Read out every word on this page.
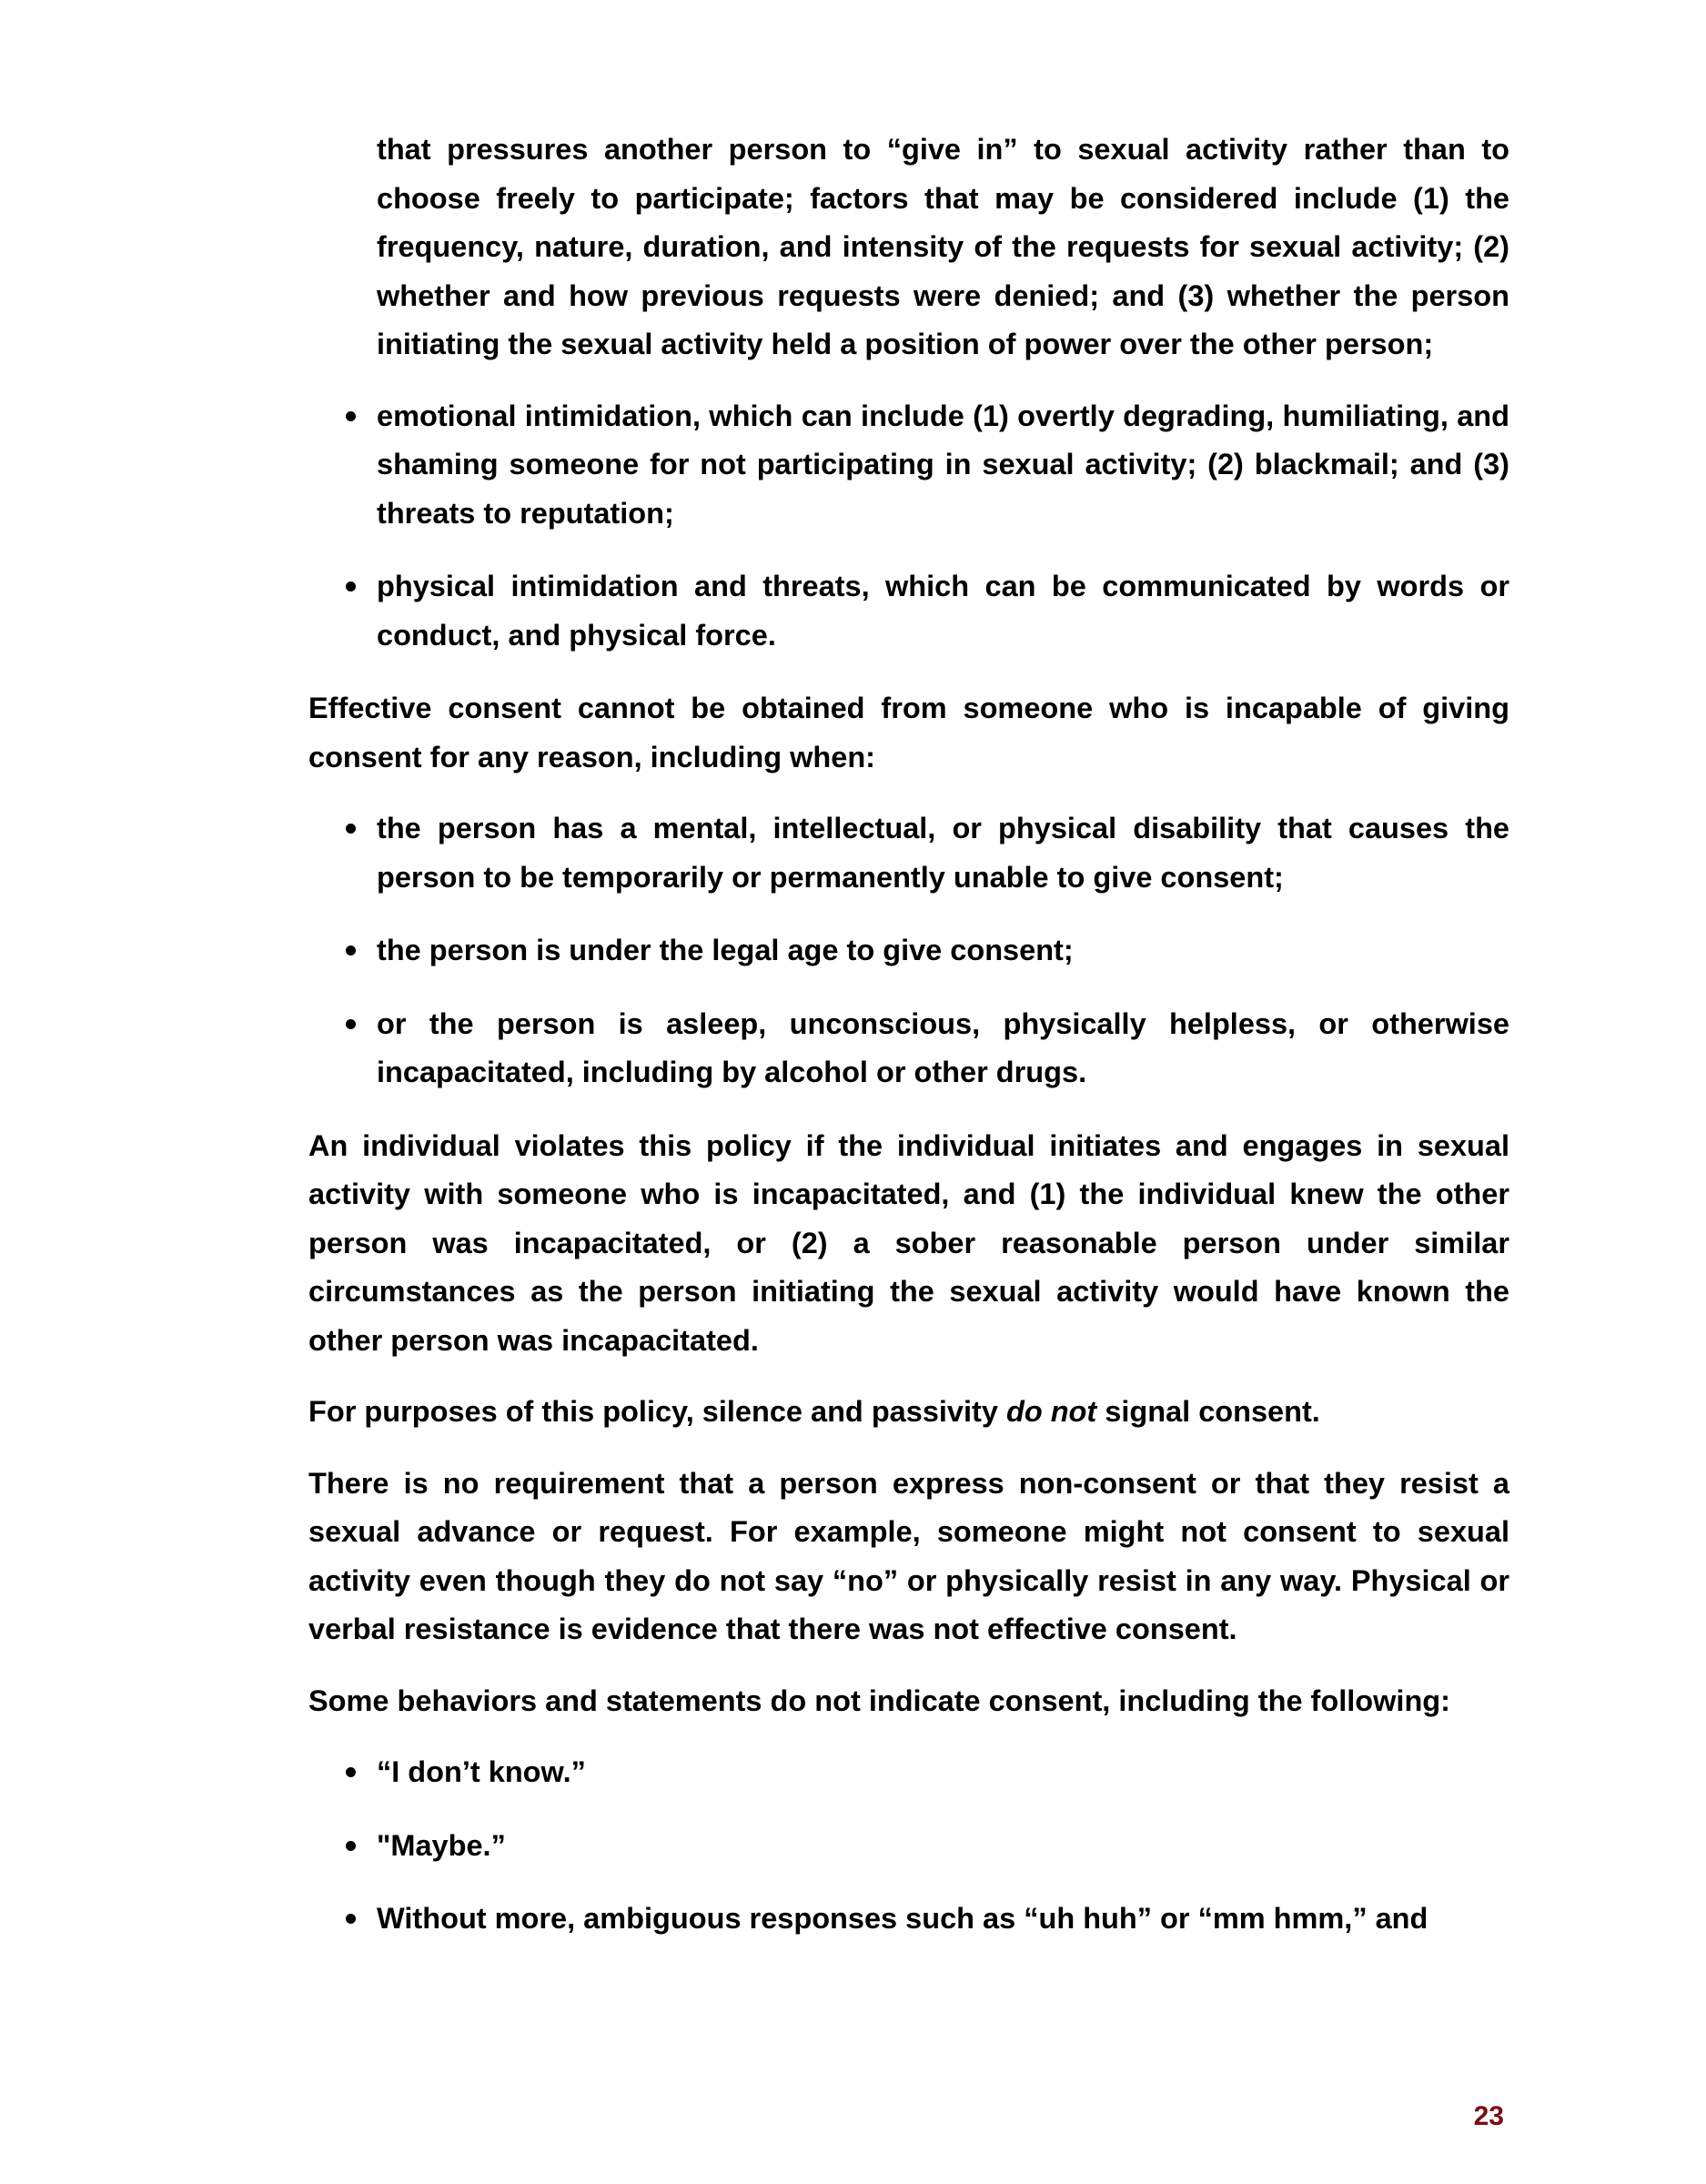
that pressures another person to “give in” to sexual activity rather than to choose freely to participate; factors that may be considered include (1) the frequency, nature, duration, and intensity of the requests for sexual activity; (2) whether and how previous requests were denied; and (3) whether the person initiating the sexual activity held a position of power over the other person;

emotional intimidation, which can include (1) overtly degrading, humiliating, and shaming someone for not participating in sexual activity; (2) blackmail; and (3) threats to reputation;
physical intimidation and threats, which can be communicated by words or conduct, and physical force.

Effective consent cannot be obtained from someone who is incapable of giving consent for any reason, including when:

the person has a mental, intellectual, or physical disability that causes the person to be temporarily or permanently unable to give consent;
the person is under the legal age to give consent;
or the person is asleep, unconscious, physically helpless, or otherwise incapacitated, including by alcohol or other drugs.

An individual violates this policy if the individual initiates and engages in sexual activity with someone who is incapacitated, and (1) the individual knew the other person was incapacitated, or (2) a sober reasonable person under similar circumstances as the person initiating the sexual activity would have known the other person was incapacitated.

For purposes of this policy, silence and passivity do not signal consent.

There is no requirement that a person express non-consent or that they resist a sexual advance or request. For example, someone might not consent to sexual activity even though they do not say “no” or physically resist in any way. Physical or verbal resistance is evidence that there was not effective consent.

Some behaviors and statements do not indicate consent, including the following:

“I don’t know.”
"Maybe.”
Without more, ambiguous responses such as “uh huh” or “mm hmm,” and
23
